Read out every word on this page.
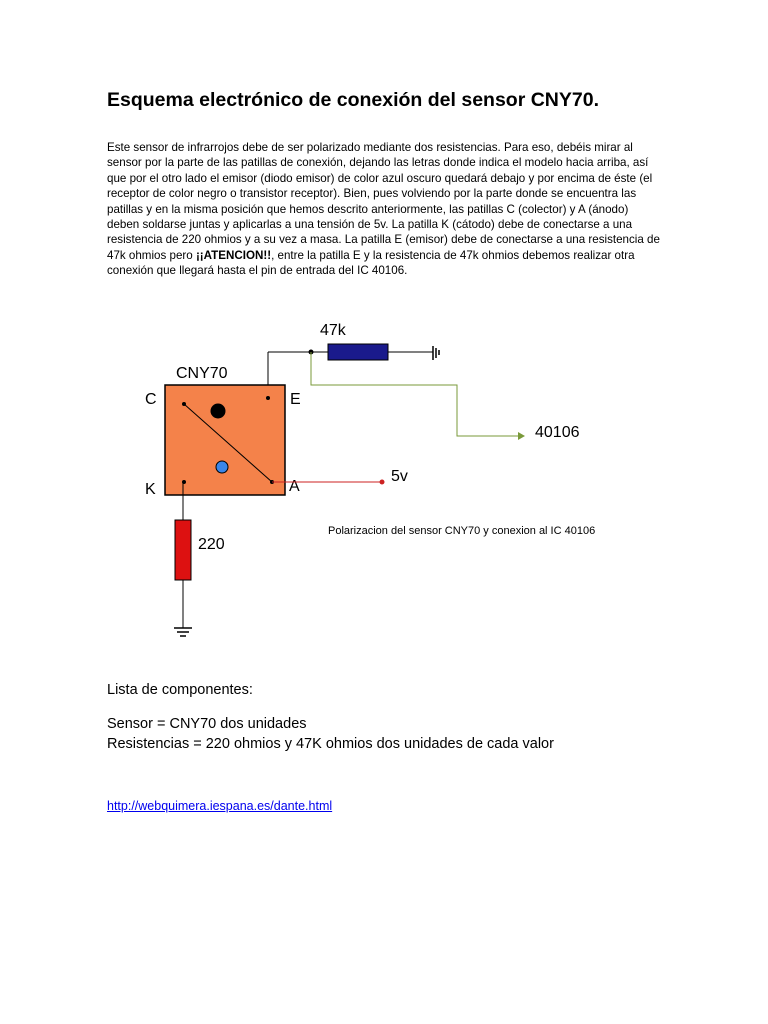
Esquema electrónico de conexión del sensor CNY70.

Este sensor de infrarrojos debe de ser polarizado mediante dos resistencias. Para eso, debéis mirar al sensor por la parte de las patillas de conexión, dejando las letras donde indica el modelo hacia arriba, así que por el otro lado el emisor (diodo emisor) de color azul oscuro quedará debajo y por encima de éste (el receptor de color negro o transistor receptor). Bien, pues volviendo por la parte donde se encuentra las patillas y en la misma posición que hemos descrito anteriormente, las patillas C (colector) y A (ánodo) deben soldarse juntas y aplicarlas a una tensión de 5v. La patilla K (cátodo) debe de conectarse a una resistencia de 220 ohmios y a su vez a masa. La patilla E (emisor) debe de conectarse a una resistencia de 47k ohmios pero ¡¡ATENCION!!, entre la patilla E y la resistencia de 47k ohmios debemos realizar otra conexión que llegará hasta el pin de entrada del IC 40106.

47k
40106
CNY70
C	E
K	A
5v
220
Polarizacion del sensor CNY70 y conexion al IC 40106

Lista de componentes:

Sensor = CNY70 dos unidades
Resistencias = 220 ohmios y 47K ohmios dos unidades de cada valor
http://webquimera.iespana.es/dante.html
